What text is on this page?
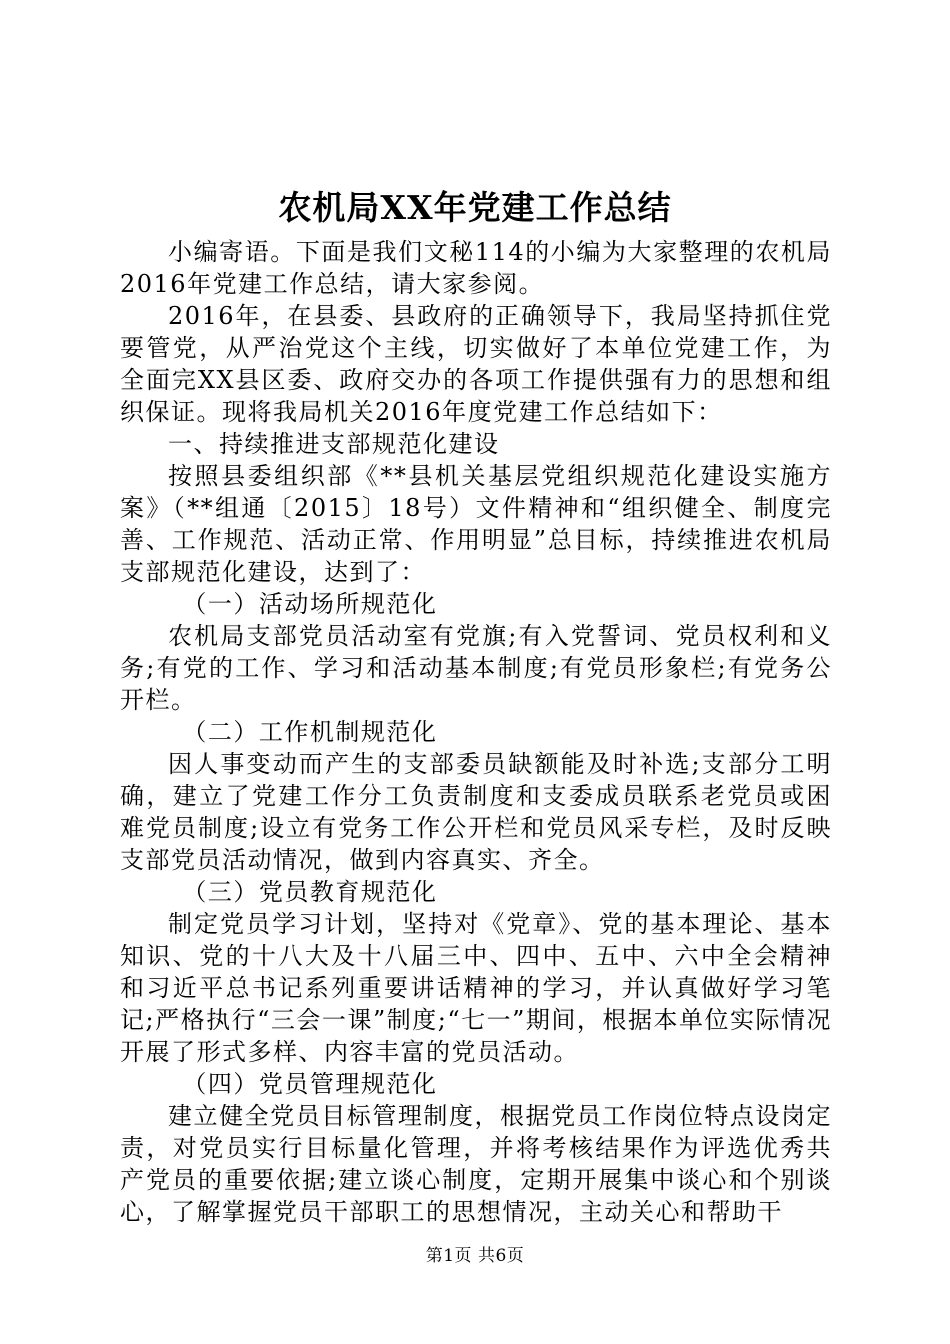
农机局XX年党建工作总结

小编寄语。下面是我们文秘114的小编为大家整理的农机局2016年党建工作总结，请大家参阅。

2016年，在县委、县政府的正确领导下，我局坚持抓住党要管党，从严治党这个主线，切实做好了本单位党建工作，为全面完XX县区委、政府交办的各项工作提供强有力的思想和组织保证。现将我局机关2016年度党建工作总结如下：

一、持续推进支部规范化建设

按照县委组织部《**县机关基层党组织规范化建设实施方案》（**组通〔2015〕18号）文件精神和“组织健全、制度完善、工作规范、活动正常、作用明显”总目标，持续推进农机局支部规范化建设，达到了：

（一）活动场所规范化

农机局支部党员活动室有党旗;有入党誓词、党员权利和义务;有党的工作、学习和活动基本制度;有党员形象栏;有党务公开栏。

（二）工作机制规范化

因人事变动而产生的支部委员缺额能及时补选;支部分工明确，建立了党建工作分工负责制度和支委成员联系老党员或困难党员制度;设立有党务工作公开栏和党员风采专栏，及时反映支部党员活动情况，做到内容真实、齐全。

（三）党员教育规范化

制定党员学习计划，坚持对《党章》、党的基本理论、基本知识、党的十八大及十八届三中、四中、五中、六中全会精神和习近平总书记系列重要讲话精神的学习，并认真做好学习笔记;严格执行“三会一课”制度;“七一”期间，根据本单位实际情况开展了形式多样、内容丰富的党员活动。

（四）党员管理规范化

建立健全党员目标管理制度，根据党员工作岗位特点设岗定责，对党员实行目标量化管理，并将考核结果作为评选优秀共产党员的重要依据;建立谈心制度，定期开展集中谈心和个别谈心，了解掌握党员干部职工的思想情况，主动关心和帮助干

第1页 共6页
